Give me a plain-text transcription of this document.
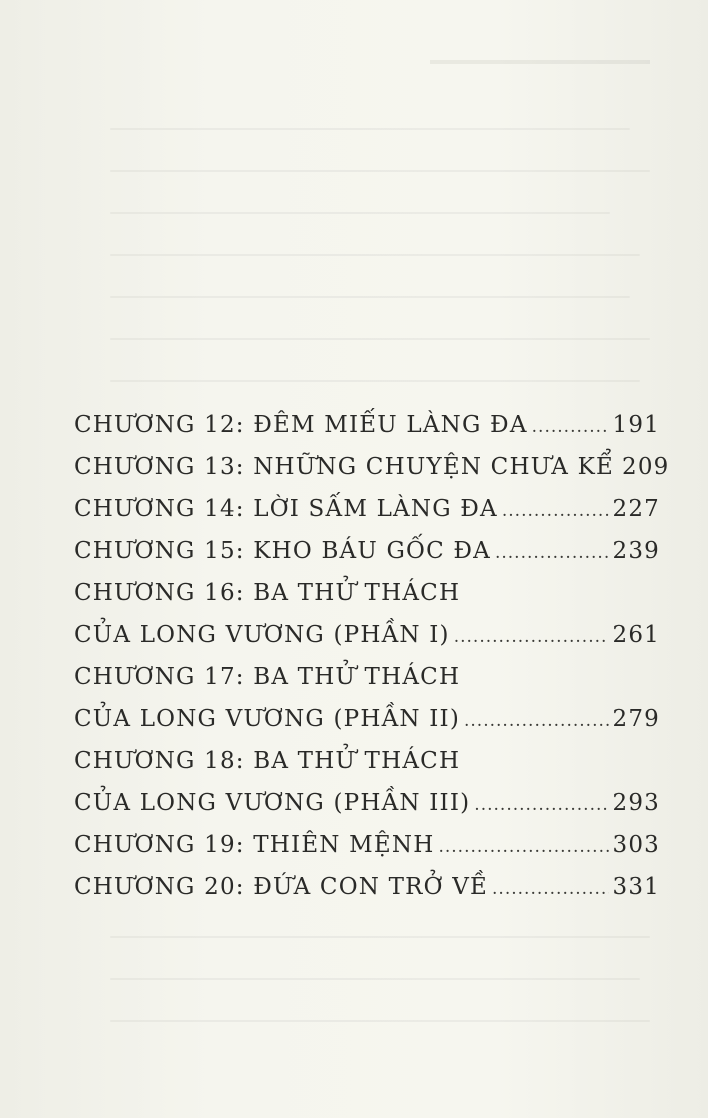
CHƯƠNG 12: ĐÊM MIẾU LÀNG ĐA .....	191
CHƯƠNG 13: NHỮNG CHUYỆN CHƯA KỂ 209
CHƯƠNG 14: LỜI SẤM LÀNG ĐA .....	227
CHƯƠNG 15: KHO BÁU GỐC ĐA .....	239
CHƯƠNG 16: BA THỬ THÁCH
CỦA LONG VƯƠNG (PHẦN I) .....	261
CHƯƠNG 17: BA THỬ THÁCH
CỦA LONG VƯƠNG (PHẦN II) .....	279
CHƯƠNG 18: BA THỬ THÁCH
CỦA LONG VƯƠNG (PHẦN III) .....	293
CHƯƠNG 19: THIÊN MỆNH .....	303
CHƯƠNG 20: ĐỨA CON TRỞ VỀ .....	331
